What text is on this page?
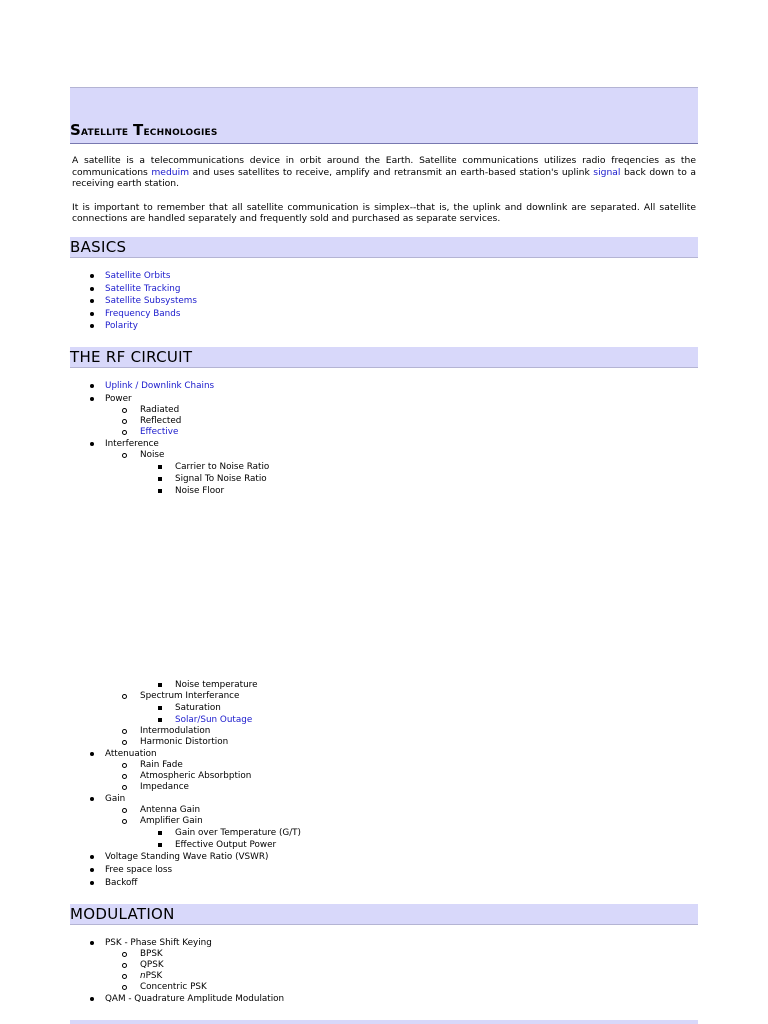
Satellite Technologies

A satellite is a telecommunications device in orbit around the Earth. Satellite communications utilizes radio freqencies as the communications meduim and uses satellites to receive, amplify and retransmit an earth-based station's uplink signal back down to a receiving earth station.

It is important to remember that all satellite communication is simplex--that is, the uplink and downlink are separated. All satellite connections are handled separately and frequently sold and purchased as separate services.

BASICS
Satellite Orbits
Satellite Tracking
Satellite Subsystems
Frequency Bands
Polarity
THE RF CIRCUIT
Uplink / Downlink Chains
Power
Radiated
Reflected
Effective
Interference
Noise
Carrier to Noise Ratio
Signal To Noise Ratio
Noise Floor
Noise temperature
Spectrum Interferance
Saturation
Solar/Sun Outage
Intermodulation
Harmonic Distortion
Attenuation
Rain Fade
Atmospheric Absorbption
Impedance
Gain
Antenna Gain
Amplifier Gain
Gain over Temperature (G/T)
Effective Output Power
Voltage Standing Wave Ratio (VSWR)
Free space loss
Backoff
MODULATION
PSK - Phase Shift Keying
BPSK
QPSK
nPSK
Concentric PSK
QAM - Quadrature Amplitude Modulation
